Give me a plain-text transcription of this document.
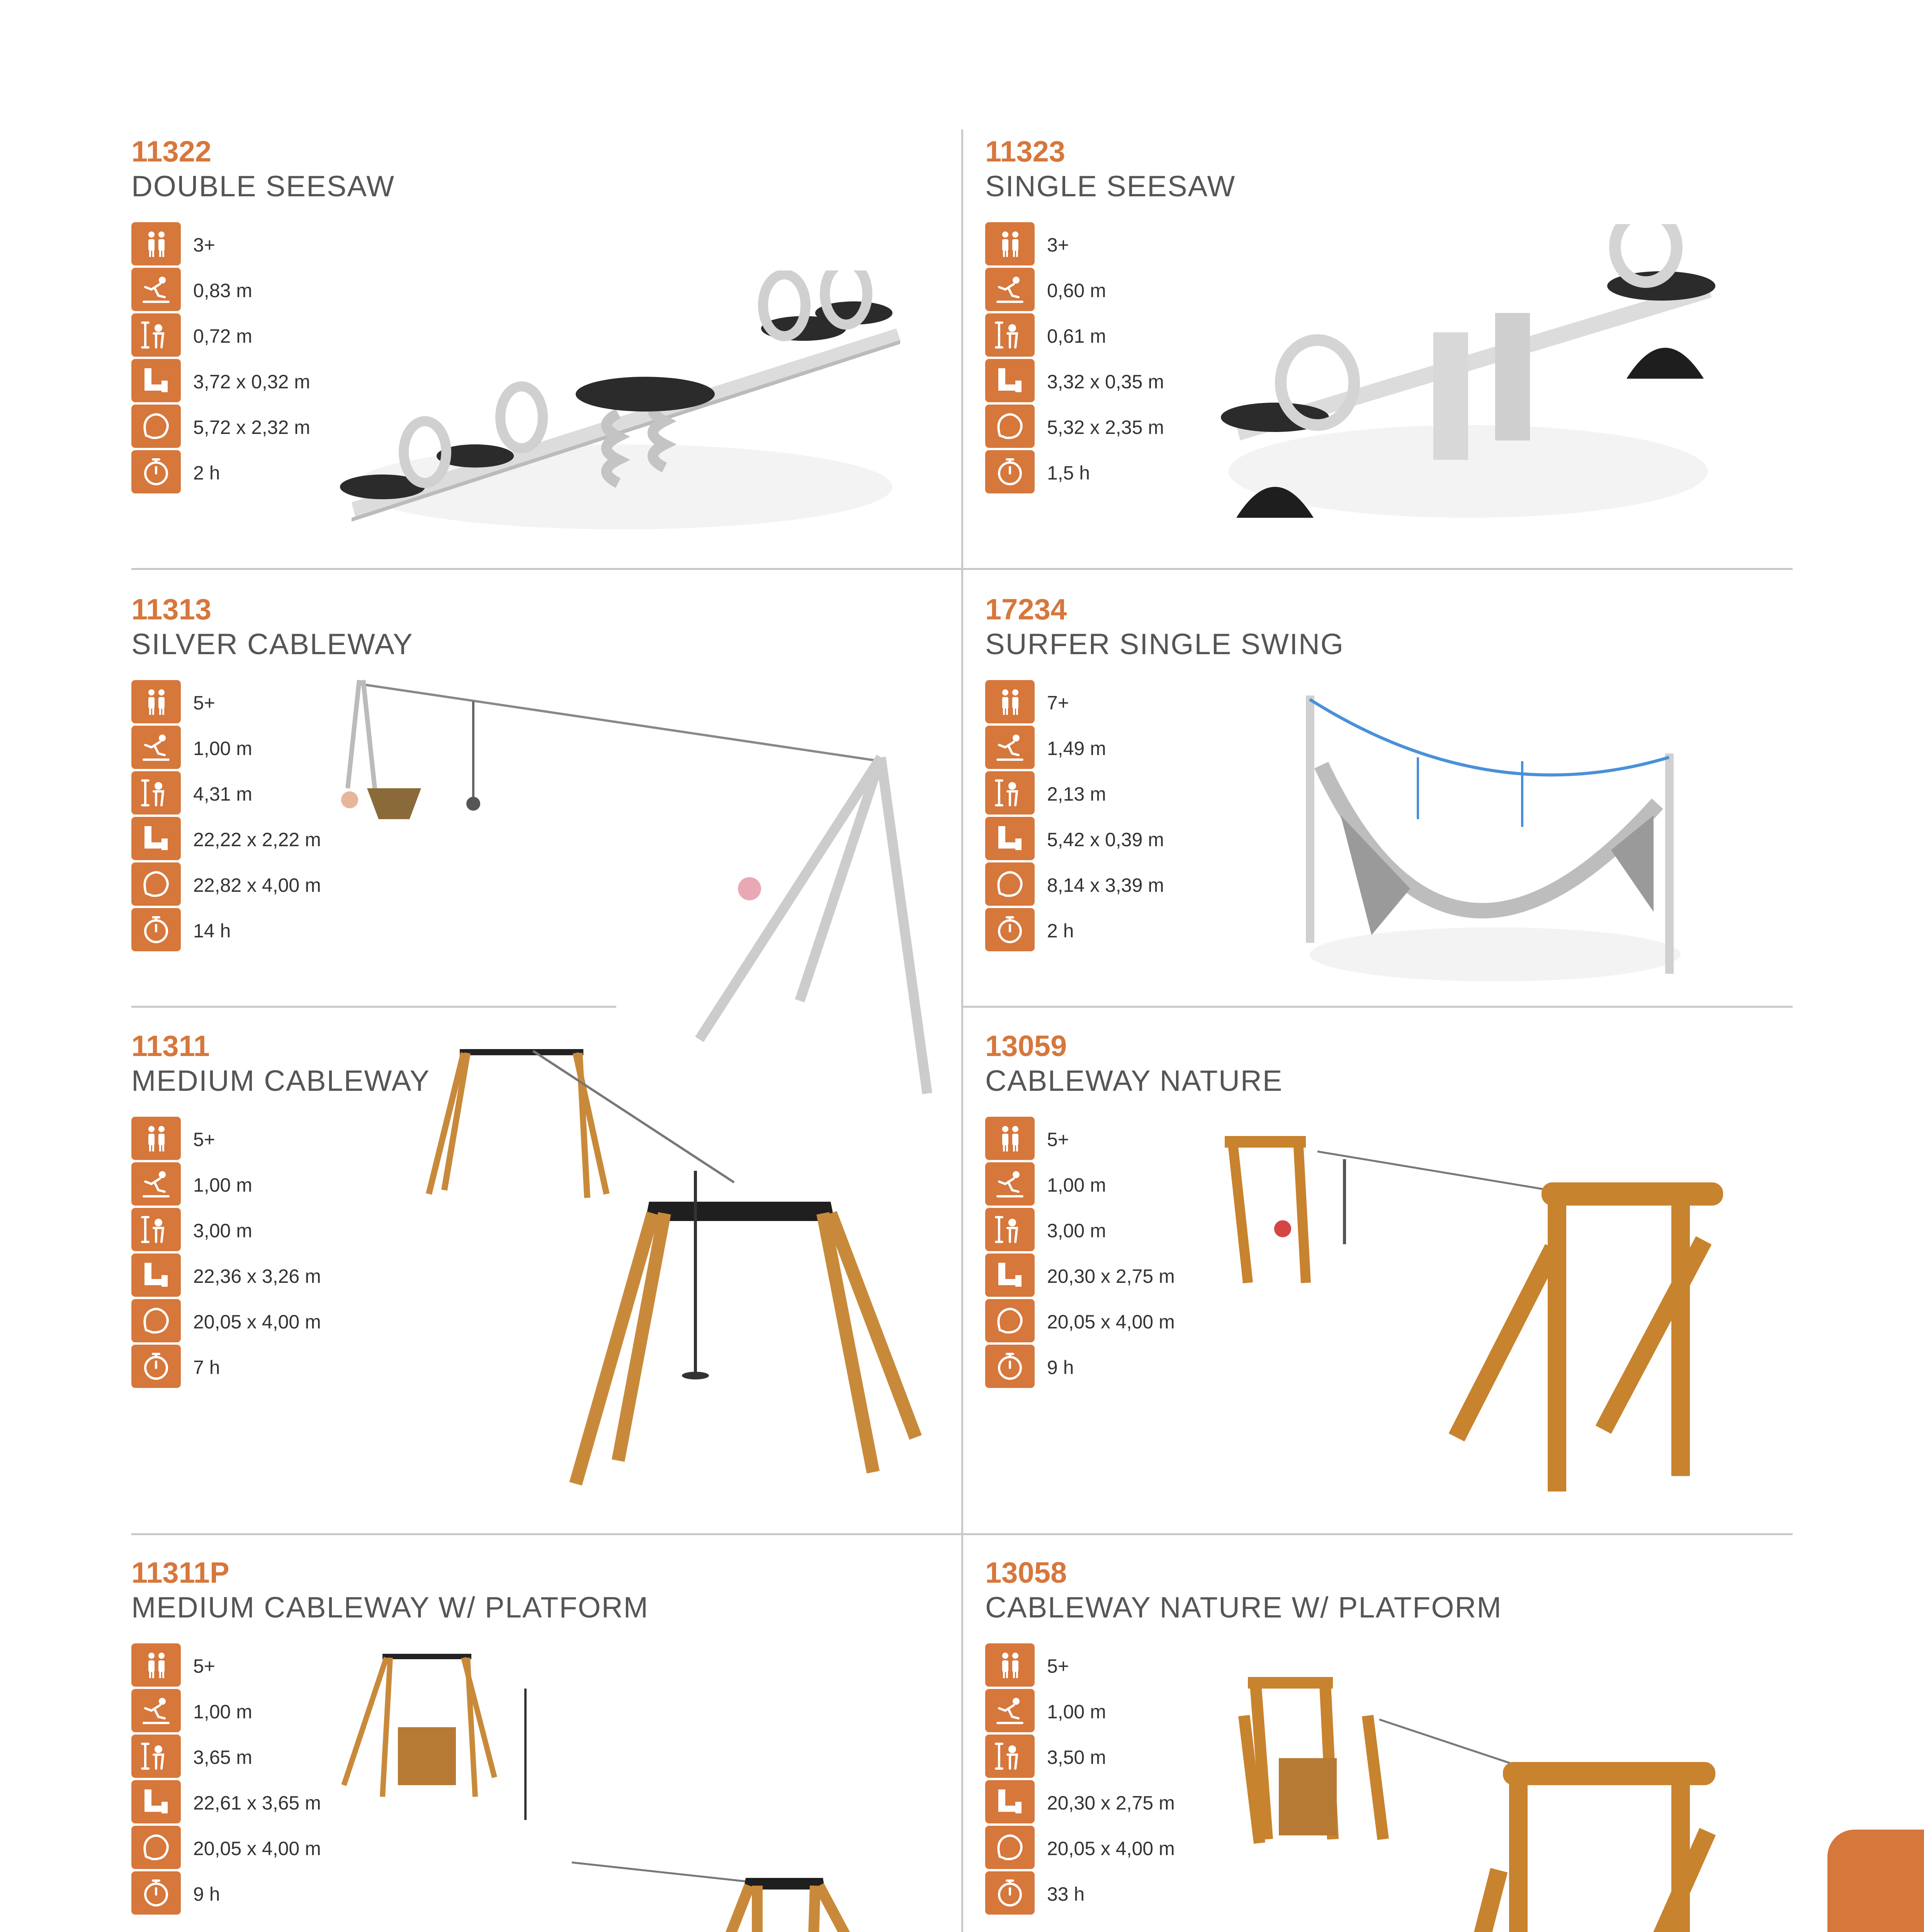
11322
DOUBLE SEESAW
3+
0,83 m
0,72 m
3,72 x 0,32 m
5,72 x 2,32 m
2 h
11323
SINGLE SEESAW
3+
0,60 m
0,61 m
3,32 x 0,35 m
5,32 x 2,35 m
1,5 h
11313
SILVER CABLEWAY
5+
1,00 m
4,31 m
22,22 x 2,22 m
22,82 x 4,00 m
14 h
17234
SURFER SINGLE SWING
7+
1,49 m
2,13 m
5,42 x 0,39 m
8,14 x 3,39 m
2 h
11311
MEDIUM CABLEWAY
5+
1,00 m
3,00 m
22,36 x 3,26 m
20,05 x 4,00 m
7 h
13059
CABLEWAY NATURE
5+
1,00 m
3,00 m
20,30 x 2,75 m
20,05 x 4,00 m
9 h
11311P
MEDIUM CABLEWAY W/ PLATFORM
5+
1,00 m
3,65 m
22,61 x 3,65 m
20,05 x 4,00 m
9 h
13058
CABLEWAY NATURE W/ PLATFORM
5+
1,00 m
3,50 m
20,30 x 2,75 m
20,05 x 4,00 m
33 h
